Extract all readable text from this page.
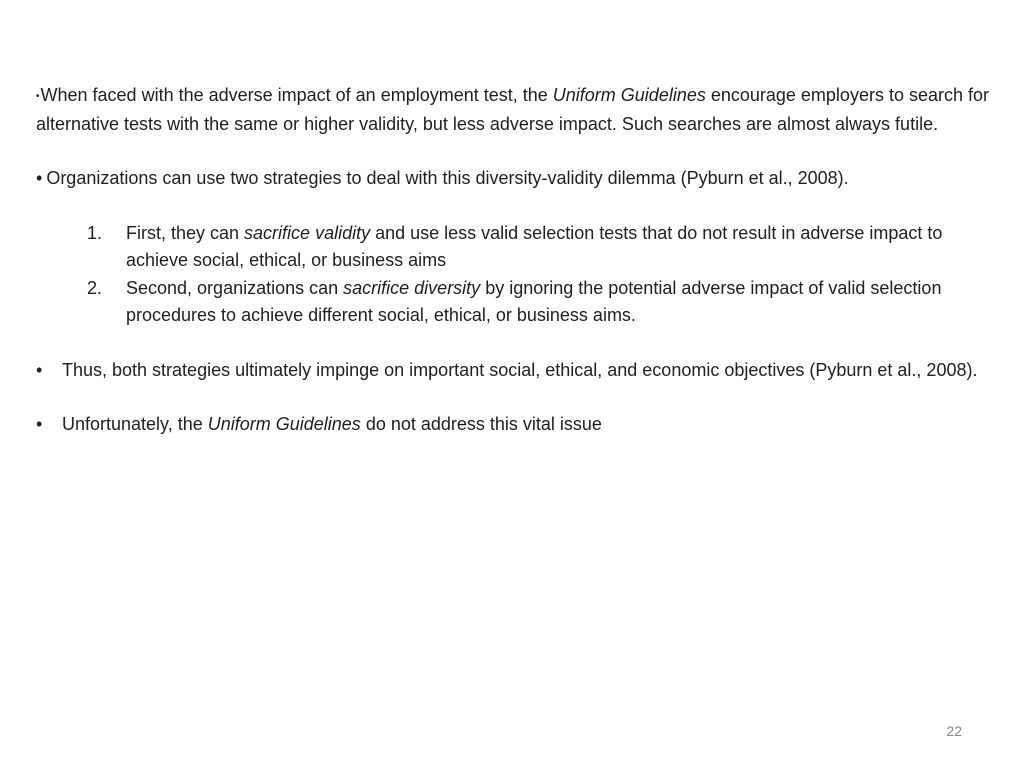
•When faced with the adverse impact of an employment test, the Uniform Guidelines encourage employers to search for alternative tests with the same or higher validity, but less adverse impact. Such searches are almost always futile.

• Organizations can use two strategies to deal with this diversity-validity dilemma (Pyburn et al., 2008).

1. First, they can sacrifice validity and use less valid selection tests that do not result in adverse impact to achieve social, ethical, or business aims

2. Second, organizations can sacrifice diversity by ignoring the potential adverse impact of valid selection procedures to achieve different social, ethical, or business aims.

• Thus, both strategies ultimately impinge on important social, ethical, and economic objectives (Pyburn et al., 2008).

• Unfortunately, the Uniform Guidelines do not address this vital issue

22
